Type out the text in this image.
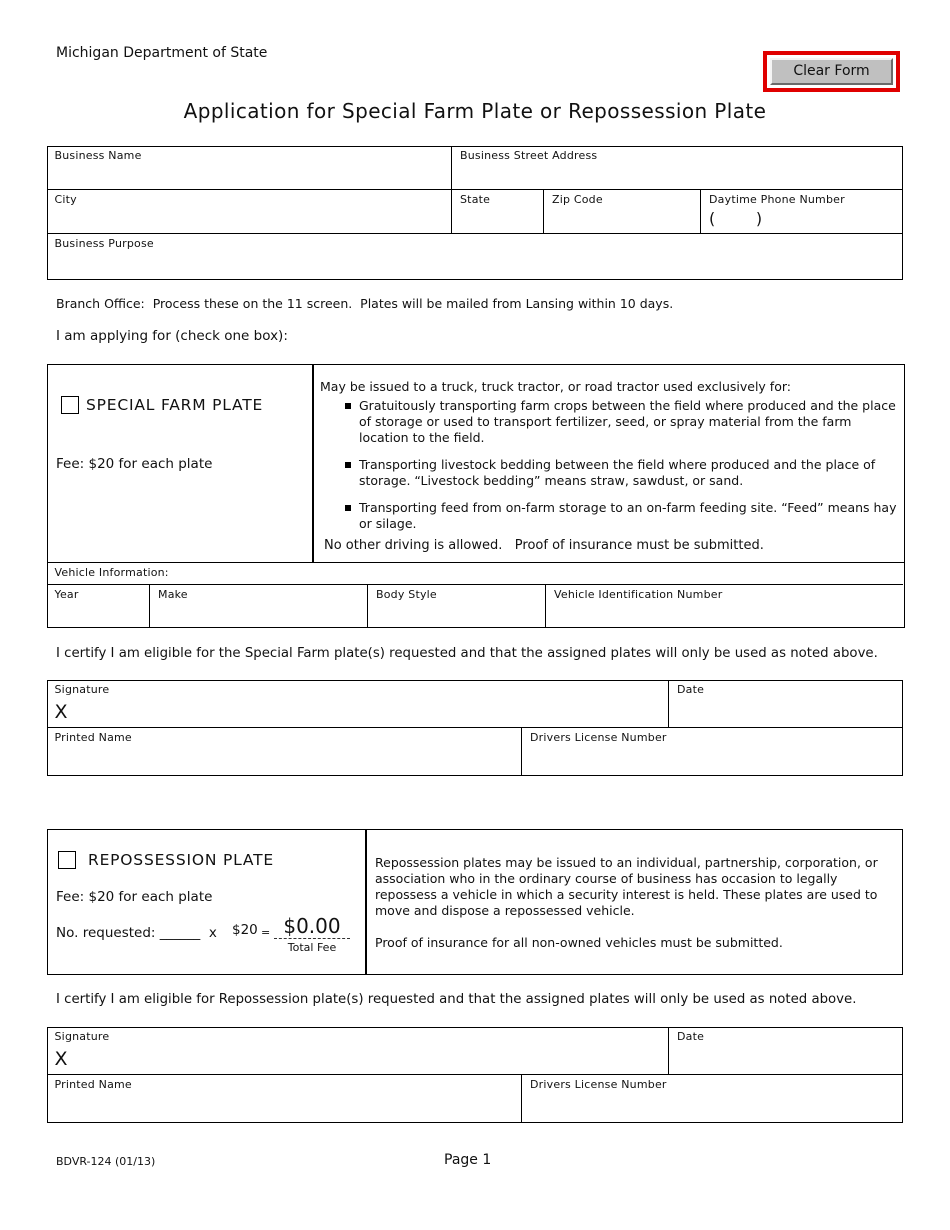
Michigan Department of State
Clear Form
Application for Special Farm Plate or Repossession Plate
Business Name	Business Street Address
City	State	Zip Code	Daytime Phone Number
(        )
Business Purpose
Branch Office:  Process these on the 11 screen.  Plates will be mailed from Lansing within 10 days.
I am applying for (check one box):
SPECIAL FARM PLATE
Fee: $20 for each plate
May be issued to a truck, truck tractor, or road tractor used exclusively for:
Gratuitously transporting farm crops between the field where produced and the place of storage or used to transport fertilizer, seed, or spray material from the farm location to the field.
Transporting livestock bedding between the field where produced and the place of storage. “Livestock bedding” means straw, sawdust, or sand.
Transporting feed from on-farm storage to an on-farm feeding site. “Feed” means hay or silage.
No other driving is allowed.   Proof of insurance must be submitted.
Vehicle Information:
Year	Make	Body Style	Vehicle Identification Number
I certify I am eligible for the Special Farm plate(s) requested and that the assigned plates will only be used as noted above.
Signature
X
Date
Printed Name	Drivers License Number
REPOSSESSION PLATE
Fee: $20 for each plate
No. requested: ______  x $20 = $0.00
Total Fee
Repossession plates may be issued to an individual, partnership, corporation, or association who in the ordinary course of business has occasion to legally repossess a vehicle in which a security interest is held. These plates are used to move and dispose a repossessed vehicle.
Proof of insurance for all non-owned vehicles must be submitted.
I certify I am eligible for Repossession plate(s) requested and that the assigned plates will only be used as noted above.
Signature
X
Date
Printed Name	Drivers License Number
BDVR-124 (01/13)	Page 1
